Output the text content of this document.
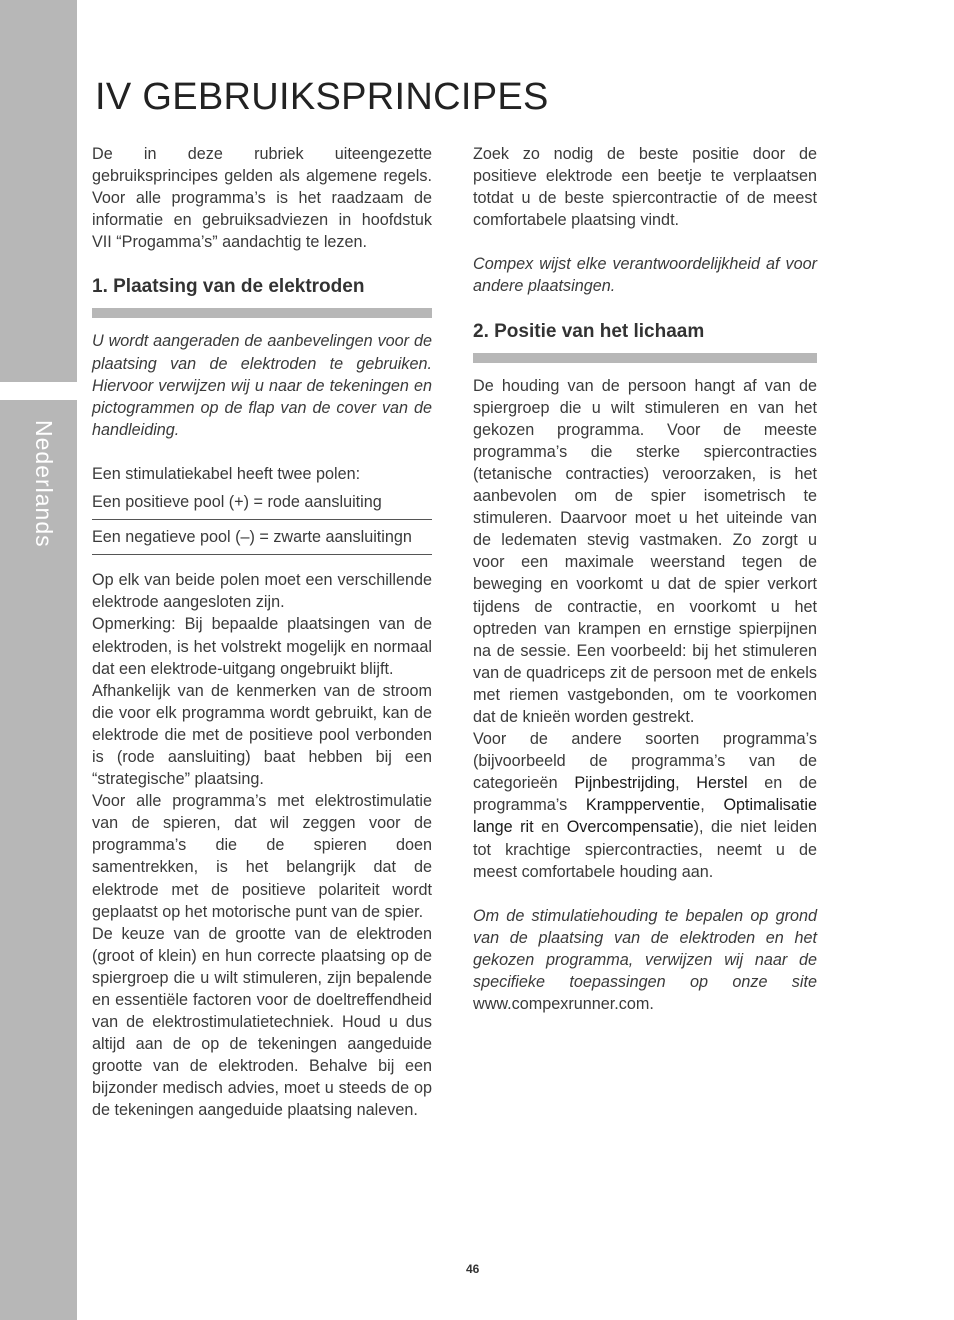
Nederlands
IV GEBRUIKSPRINCIPES

De in deze rubriek uiteengezette gebruiksprincipes gelden als algemene regels. Voor alle programma’s is het raadzaam de informatie en gebruiksadviezen in hoofdstuk VII “Progamma’s” aandachtig te lezen.

1. Plaatsing van de elektroden

U wordt aangeraden de aanbevelingen voor de plaatsing van de elektroden te gebruiken. Hiervoor verwijzen wij u naar de tekeningen en pictogrammen op de flap van de cover van de handleiding.

Een stimulatiekabel heeft twee polen:

Een positieve pool (+) = rode aansluiting
Een negatieve pool (–) = zwarte aansluitingn

Op elk van beide polen moet een verschillende elektrode aangesloten zijn.

Opmerking: Bij bepaalde plaatsingen van de elektroden, is het volstrekt mogelijk en normaal dat een elektrode-uitgang ongebruikt blijft.

Afhankelijk van de kenmerken van de stroom die voor elk programma wordt gebruikt, kan de elektrode die met de positieve pool verbonden is (rode aansluiting) baat hebben bij een “strategische” plaatsing.

Voor alle programma’s met elektrostimulatie van de spieren, dat wil zeggen voor de programma’s die de spieren doen samentrekken, is het belangrijk dat de elektrode met de positieve polariteit wordt geplaatst op het motorische punt van de spier.

De keuze van de grootte van de elektroden (groot of klein) en hun correcte plaatsing op de spiergroep die u wilt stimuleren, zijn bepalende en essentiële factoren voor de doeltreffendheid van de elektrostimulatietechniek. Houd u dus altijd aan de op de tekeningen aangeduide grootte van de elektroden. Behalve bij een bijzonder medisch advies, moet u steeds de op de tekeningen aangeduide plaatsing naleven.

Zoek zo nodig de beste positie door de positieve elektrode een beetje te verplaatsen totdat u de beste spiercontractie of de meest comfortabele plaatsing vindt.

Compex wijst elke verantwoordelijkheid af voor andere plaatsingen.

2. Positie van het lichaam

De houding van de persoon hangt af van de spiergroep die u wilt stimuleren en van het gekozen programma. Voor de meeste programma’s die sterke spiercontracties (tetanische contracties) veroorzaken, is het aanbevolen om de spier isometrisch te stimuleren. Daarvoor moet u het uiteinde van de ledematen stevig vastmaken. Zo zorgt u voor een maximale weerstand tegen de beweging en voorkomt u dat de spier verkort tijdens de contractie, en voorkomt u het optreden van krampen en ernstige spierpijnen na de sessie. Een voorbeeld: bij het stimuleren van de quadriceps zit de persoon met de enkels met riemen vastgebonden, om te voorkomen dat de knieën worden gestrekt.

Voor de andere soorten programma’s (bijvoorbeeld de programma’s van de categorieën Pijnbestrijding, Herstel en de programma’s Krampperventie, Optimalisatie lange rit en Overcompensatie), die niet leiden tot krachtige spiercontracties, neemt u de meest comfortabele houding aan.

Om de stimulatiehouding te bepalen op grond van de plaatsing van de elektroden en het gekozen programma, verwijzen wij naar de specifieke toepassingen op onze site www.compexrunner.com.

46
